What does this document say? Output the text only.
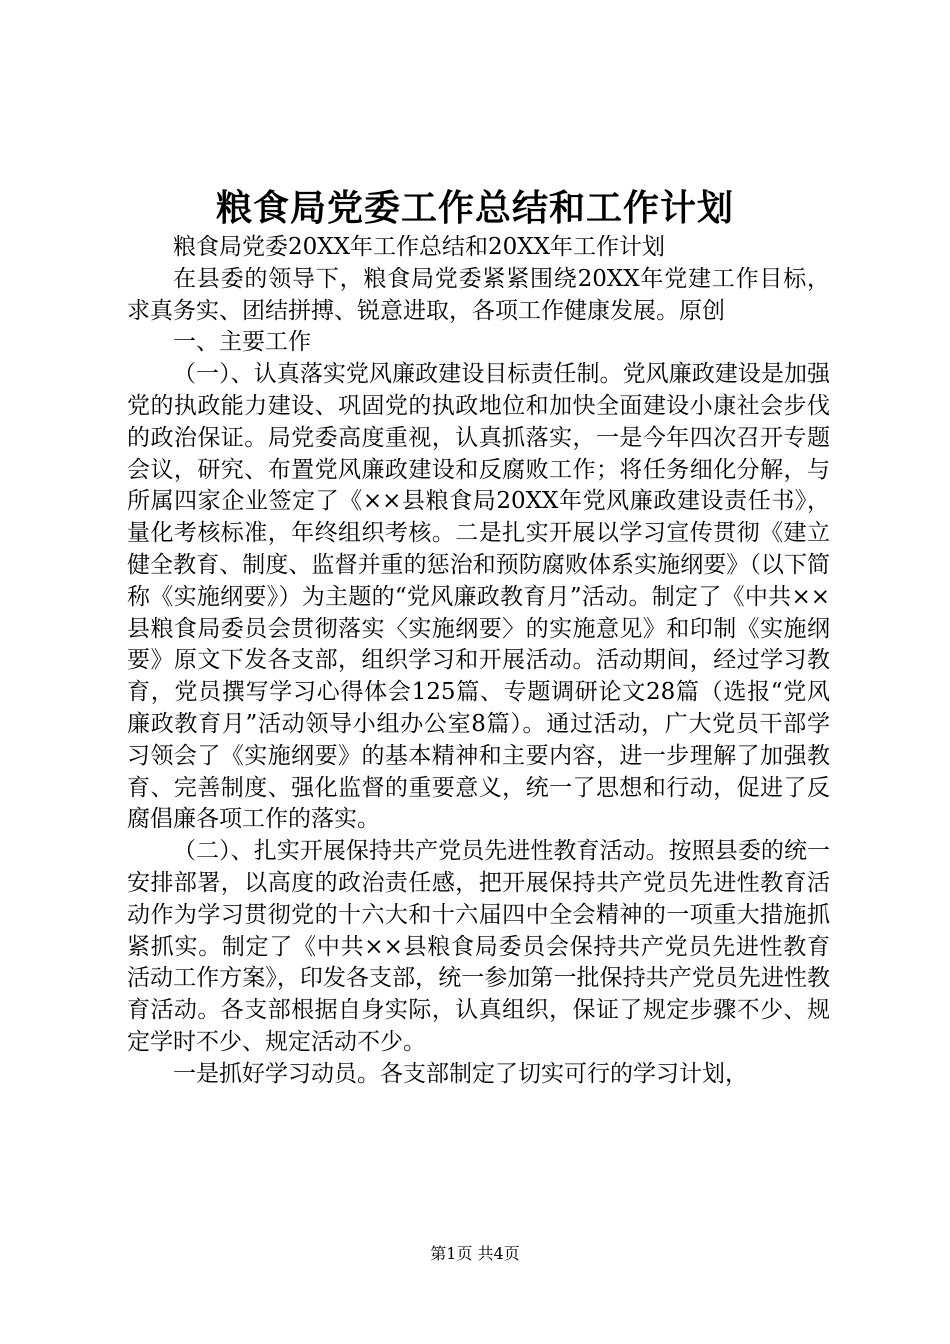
粮食局党委工作总结和工作计划

粮食局党委20XX年工作总结和20XX年工作计划

在县委的领导下，粮食局党委紧紧围绕20XX年党建工作目标，求真务实、团结拼搏、锐意进取，各项工作健康发展。原创

一、主要工作

（一）、认真落实党风廉政建设目标责任制。党风廉政建设是加强党的执政能力建设、巩固党的执政地位和加快全面建设小康社会步伐的政治保证。局党委高度重视，认真抓落实，一是今年四次召开专题会议，研究、布置党风廉政建设和反腐败工作；将任务细化分解，与所属四家企业签定了《××县粮食局20XX年党风廉政建设责任书》，量化考核标准，年终组织考核。二是扎实开展以学习宣传贯彻《建立健全教育、制度、监督并重的惩治和预防腐败体系实施纲要》（以下简称《实施纲要》）为主题的“党风廉政教育月”活动。制定了《中共××县粮食局委员会贯彻落实〈实施纲要〉的实施意见》和印制《实施纲要》原文下发各支部，组织学习和开展活动。活动期间，经过学习教育，党员撰写学习心得体会125篇、专题调研论文28篇（选报“党风廉政教育月”活动领导小组办公室8篇）。通过活动，广大党员干部学习领会了《实施纲要》的基本精神和主要内容，进一步理解了加强教育、完善制度、强化监督的重要意义，统一了思想和行动，促进了反腐倡廉各项工作的落实。

（二）、扎实开展保持共产党员先进性教育活动。按照县委的统一安排部署，以高度的政治责任感，把开展保持共产党员先进性教育活动作为学习贯彻党的十六大和十六届四中全会精神的一项重大措施抓紧抓实。制定了《中共××县粮食局委员会保持共产党员先进性教育活动工作方案》，印发各支部，统一参加第一批保持共产党员先进性教育活动。各支部根据自身实际，认真组织，保证了规定步骤不少、规定学时不少、规定活动不少。

一是抓好学习动员。各支部制定了切实可行的学习计划，

第1页 共4页
